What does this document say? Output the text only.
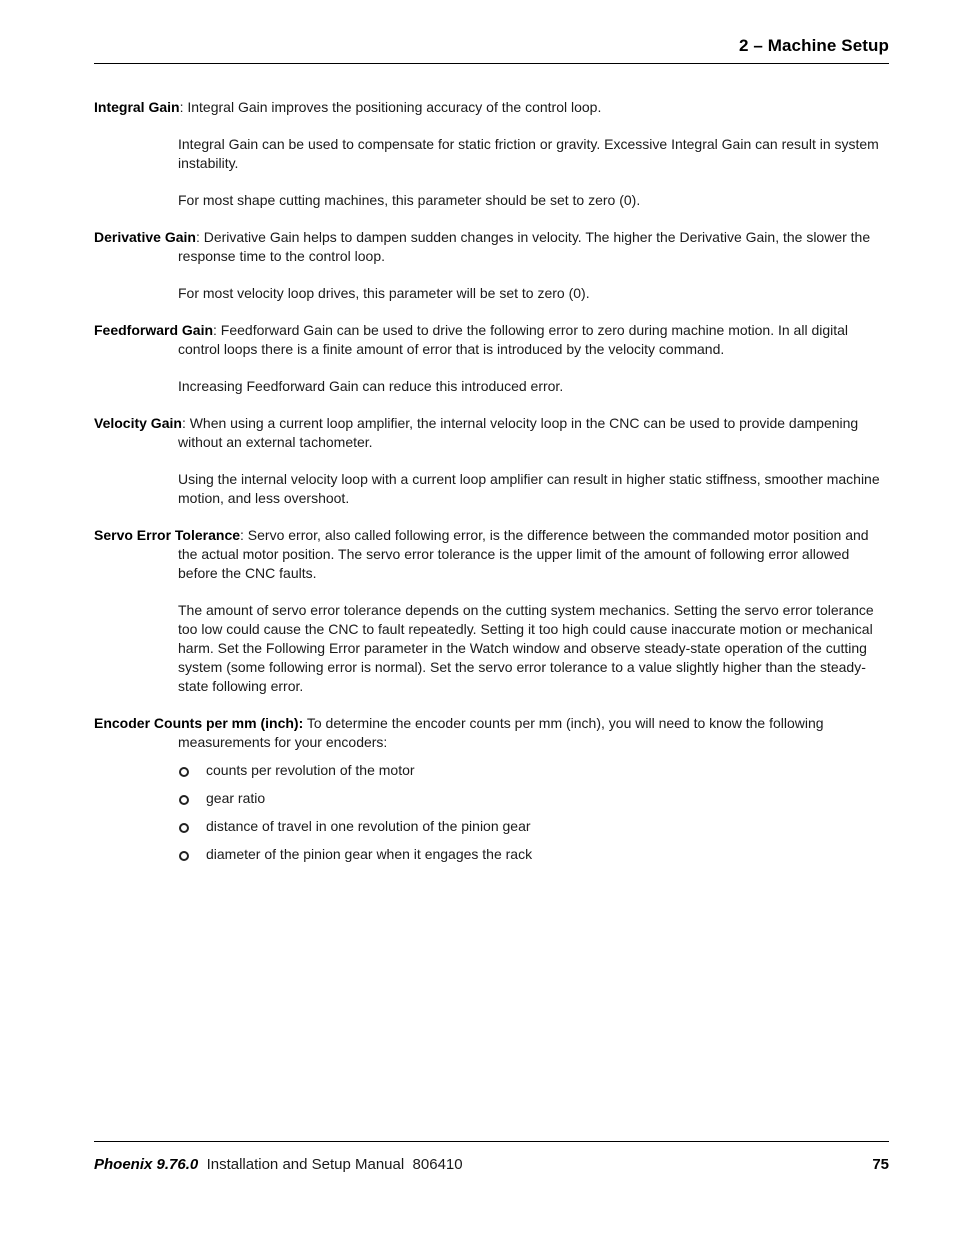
2 – Machine Setup

Integral Gain: Integral Gain improves the positioning accuracy of the control loop.

Integral Gain can be used to compensate for static friction or gravity. Excessive Integral Gain can result in system instability.

For most shape cutting machines, this parameter should be set to zero (0).

Derivative Gain: Derivative Gain helps to dampen sudden changes in velocity. The higher the Derivative Gain, the slower the response time to the control loop.

For most velocity loop drives, this parameter will be set to zero (0).

Feedforward Gain: Feedforward Gain can be used to drive the following error to zero during machine motion. In all digital control loops there is a finite amount of error that is introduced by the velocity command.

Increasing Feedforward Gain can reduce this introduced error.

Velocity Gain: When using a current loop amplifier, the internal velocity loop in the CNC can be used to provide dampening without an external tachometer.

Using the internal velocity loop with a current loop amplifier can result in higher static stiffness, smoother machine motion, and less overshoot.

Servo Error Tolerance: Servo error, also called following error, is the difference between the commanded motor position and the actual motor position. The servo error tolerance is the upper limit of the amount of following error allowed before the CNC faults.

The amount of servo error tolerance depends on the cutting system mechanics. Setting the servo error tolerance too low could cause the CNC to fault repeatedly. Setting it too high could cause inaccurate motion or mechanical harm. Set the Following Error parameter in the Watch window and observe steady-state operation of the cutting system (some following error is normal). Set the servo error tolerance to a value slightly higher than the steady-state following error.

Encoder Counts per mm (inch): To determine the encoder counts per mm (inch), you will need to know the following measurements for your encoders:

counts per revolution of the motor
gear ratio
distance of travel in one revolution of the pinion gear
diameter of the pinion gear when it engages the rack
Phoenix 9.76.0 Installation and Setup Manual 806410	75
